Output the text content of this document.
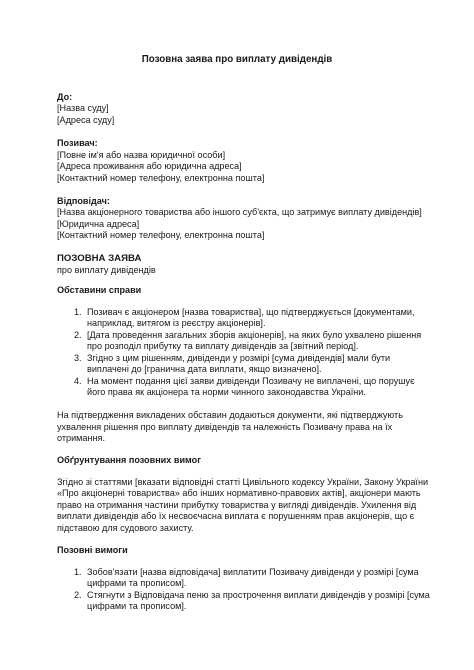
Позовна заява про виплату дивідендів
До:
[Назва суду]
[Адреса суду]
Позивач:
[Повне ім'я або назва юридичної особи]
[Адреса проживання або юридична адреса]
[Контактний номер телефону, електронна пошта]
Відповідач:
[Назва акціонерного товариства або іншого суб'єкта, що затримує виплату дивідендів]
[Юридична адреса]
[Контактний номер телефону, електронна пошта]
ПОЗОВНА ЗАЯВА
про виплату дивідендів
Обставини справи
1. Позивач є акціонером [назва товариства], що підтверджується [документами,
наприклад, витягом із реєстру акціонерів].
2. [Дата проведення загальних зборів акціонерів], на яких було ухвалено рішення
про розподіл прибутку та виплату дивідендів за [звітний період].
3. Згідно з цим рішенням, дивіденди у розмірі [сума дивідендів] мали бути
виплачені до [гранична дата виплати, якщо визначено].
4. На момент подання цієї заяви дивіденди Позивачу не виплачені, що порушує
його права як акціонера та норми чинного законодавства України.
На підтвердження викладених обставин додаються документи, які підтверджують
ухвалення рішення про виплату дивідендів та належність Позивачу права на їх
отримання.
Обґрунтування позовних вимог
Згідно зі статтями [вказати відповідні статті Цивільного кодексу України, Закону України
«Про акціонерні товариства» або інших нормативно-правових актів], акціонери мають
право на отримання частини прибутку товариства у вигляді дивідендів. Ухилення від
виплати дивідендів або їх несвоєчасна виплата є порушенням прав акціонерів, що є
підставою для судового захисту.
Позовні вимоги
1. Зобов'язати [назва відповідача] виплатити Позивачу дивіденди у розмірі [сума
цифрами та прописом].
2. Стягнути з Відповідача пеню за прострочення виплати дивідендів у розмірі [сума
цифрами та прописом].
